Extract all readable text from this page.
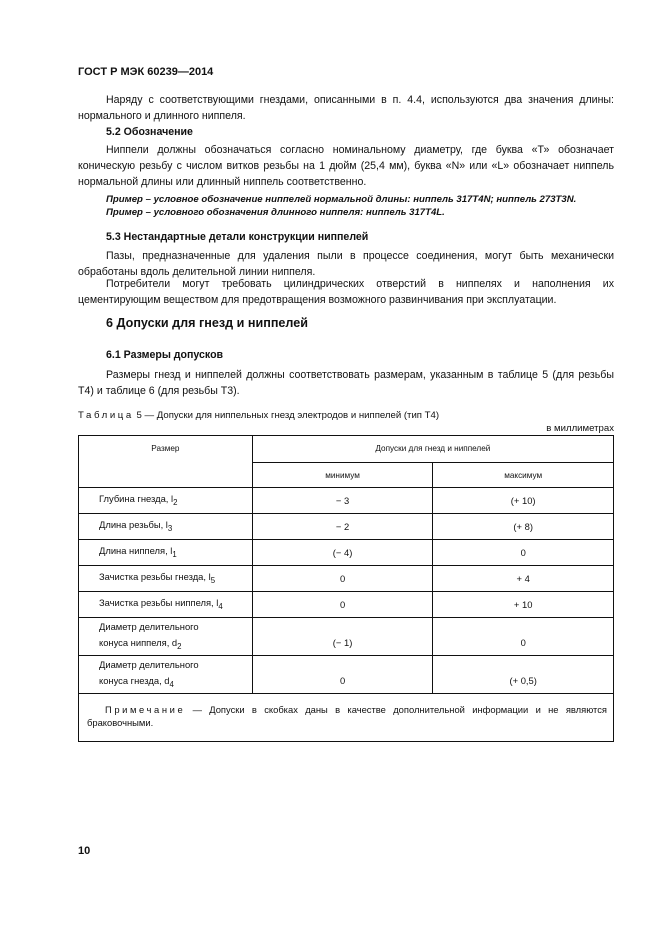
ГОСТ Р МЭК 60239—2014
Наряду с соответствующими гнездами, описанными в п. 4.4, используются два значения длины: нормального и длинного ниппеля.
5.2 Обозначение
Ниппели должны обозначаться согласно номинальному диаметру, где буква «Т» обозначает коническую резьбу с числом витков резьбы на 1 дюйм (25,4 мм), буква «N» или «L» обозначает ниппель нормальной длины или длинный ниппель соответственно.
Пример – условное обозначение ниппелей нормальной длины: ниппель 317T4N; ниппель 273T3N.
Пример – условного обозначения длинного ниппеля: ниппель 317T4L.
5.3 Нестандартные детали конструкции ниппелей
Пазы, предназначенные для удаления пыли в процессе соединения, могут быть механически обработаны вдоль делительной линии ниппеля.
Потребители могут требовать цилиндрических отверстий в ниппелях и наполнения их цементирующим веществом для предотвращения возможного развинчивания при эксплуатации.
6 Допуски для гнезд и ниппелей
6.1 Размеры допусков
Размеры гнезд и ниппелей должны соответствовать размерам, указанным в таблице 5 (для резьбы Т4) и таблице 6 (для резьбы Т3).
Таблица 5 — Допуски для ниппельных гнезд электродов и ниппелей (тип Т4)
в миллиметрах
Размер	Допуски для гнезд и ниппелей	
	минимум	максимум
Глубина гнезда, $l_2$	− 3	(+ 10)
Длина резьбы, $l_3$	− 2	(+ 8)
Длина ниппеля, $l_1$	(− 4)	0
Зачистка резьбы гнезда, $l_5$	0	+ 4
Зачистка резьбы ниппеля, $l_4$	0	+ 10
Диаметр делительного
конуса ниппеля, $d_2$	(− 1)	0
Диаметр делительного
конуса гнезда, $d_4$	0	(+ 0,5)
Примечание — Допуски в скобках даны в качестве дополнительной информации и не являются браковочными.		
10
